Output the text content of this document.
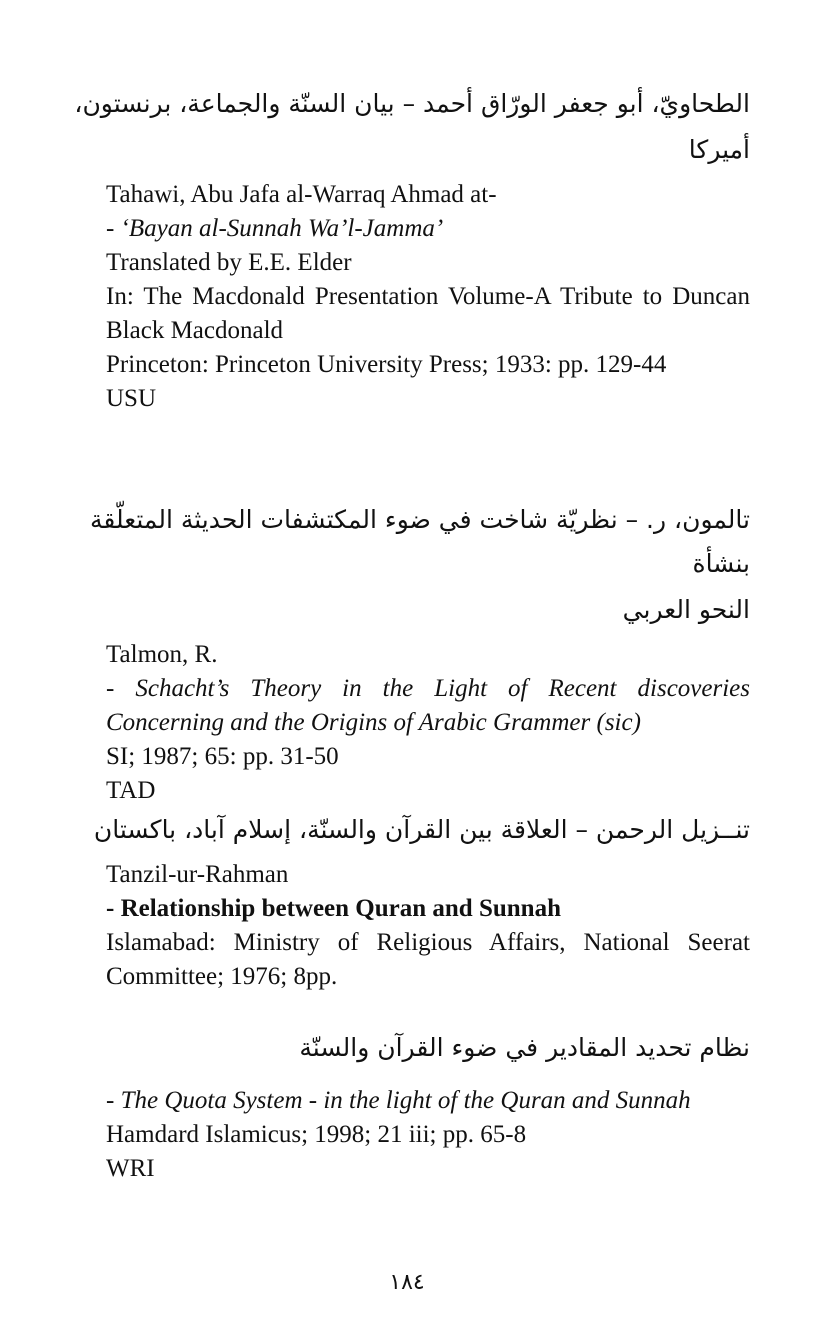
الطحاويّ، أبو جعفر الورّاق أحمد – بيان السنّة والجماعة، برنستون،

أميركا

Tahawi, Abu Jafa al-Warraq Ahmad at-

- ‘Bayan al-Sunnah Wa’l-Jamma’

Translated by E.E. Elder

In: The Macdonald Presentation Volume-A Tribute to Duncan Black Macdonald

Princeton: Princeton University Press; 1933: pp. 129-44

USU

تالمون، ر. – نظريّة شاخت في ضوء المكتشفات الحديثة المتعلّقة بنشأة

النحو العربي

Talmon, R.

- Schacht’s Theory in the Light of Recent discoveries Concerning and the Origins of Arabic Grammer (sic)

SI; 1987; 65: pp. 31-50

TAD

تنــزيل الرحمن – العلاقة بين القرآن والسنّة، إسلام آباد، باكستان

Tanzil-ur-Rahman

- Relationship between Quran and Sunnah

Islamabad: Ministry of Religious Affairs, National Seerat Committee; 1976; 8pp.

نظام تحديد المقادير في ضوء القرآن والسنّة

- The Quota System - in the light of the Quran and Sunnah

Hamdard Islamicus; 1998; 21 iii; pp. 65-8

WRI

١٨٤
